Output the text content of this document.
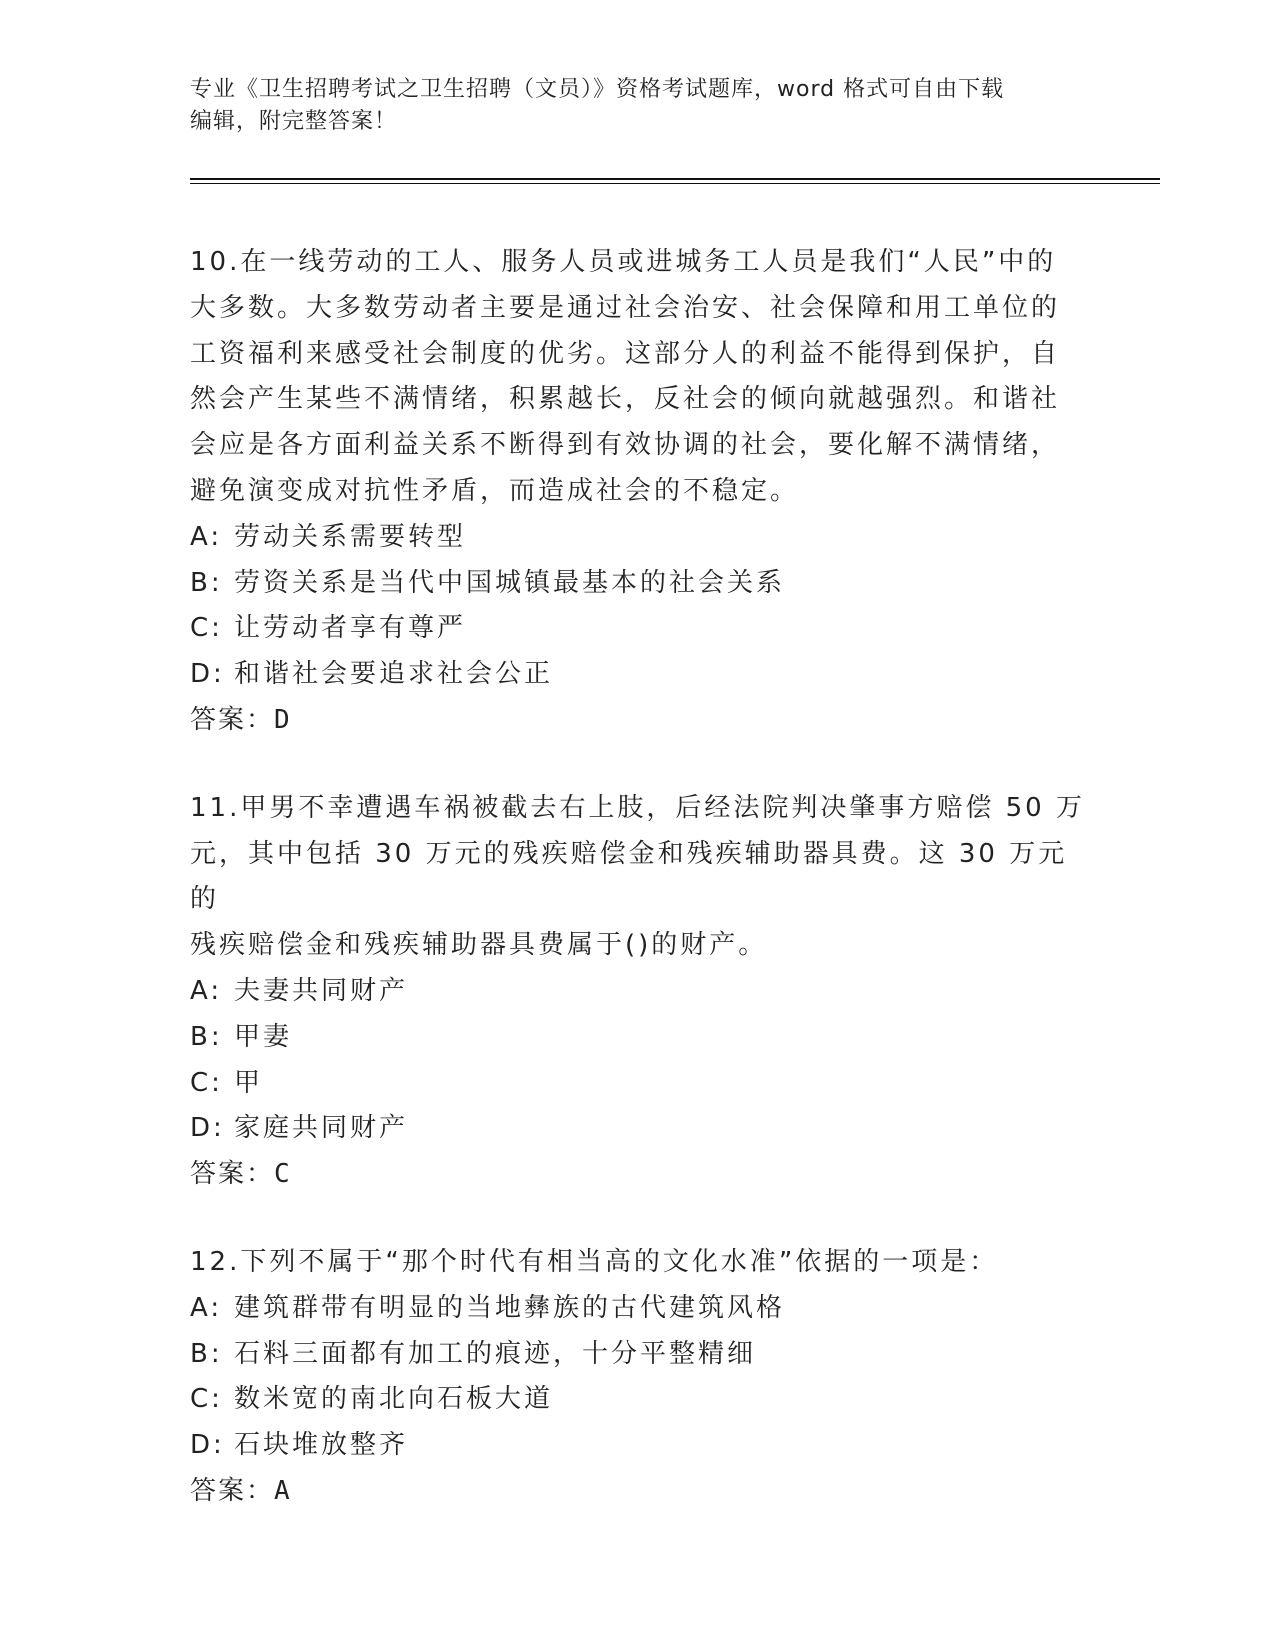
专业《卫生招聘考试之卫生招聘（文员）》资格考试题库，word 格式可自由下载
编辑，附完整答案！
10.在一线劳动的工人、服务人员或进城务工人员是我们“人民”中的
大多数。大多数劳动者主要是通过社会治安、社会保障和用工单位的
工资福利来感受社会制度的优劣。这部分人的利益不能得到保护，自
然会产生某些不满情绪，积累越长，反社会的倾向就越强烈。和谐社
会应是各方面利益关系不断得到有效协调的社会，要化解不满情绪，
避免演变成对抗性矛盾，而造成社会的不稳定。
A: 劳动关系需要转型
B: 劳资关系是当代中国城镇最基本的社会关系
C: 让劳动者享有尊严
D: 和谐社会要追求社会公正
答案：D
11.甲男不幸遭遇车祸被截去右上肢，后经法院判决肇事方赔偿 50 万
元，其中包括 30 万元的残疾赔偿金和残疾辅助器具费。这 30 万元的
残疾赔偿金和残疾辅助器具费属于()的财产。
A: 夫妻共同财产
B: 甲妻
C: 甲
D: 家庭共同财产
答案：C
12.下列不属于“那个时代有相当高的文化水准”依据的一项是：
A: 建筑群带有明显的当地彝族的古代建筑风格
B: 石料三面都有加工的痕迹，十分平整精细
C: 数米宽的南北向石板大道
D: 石块堆放整齐
答案：A
